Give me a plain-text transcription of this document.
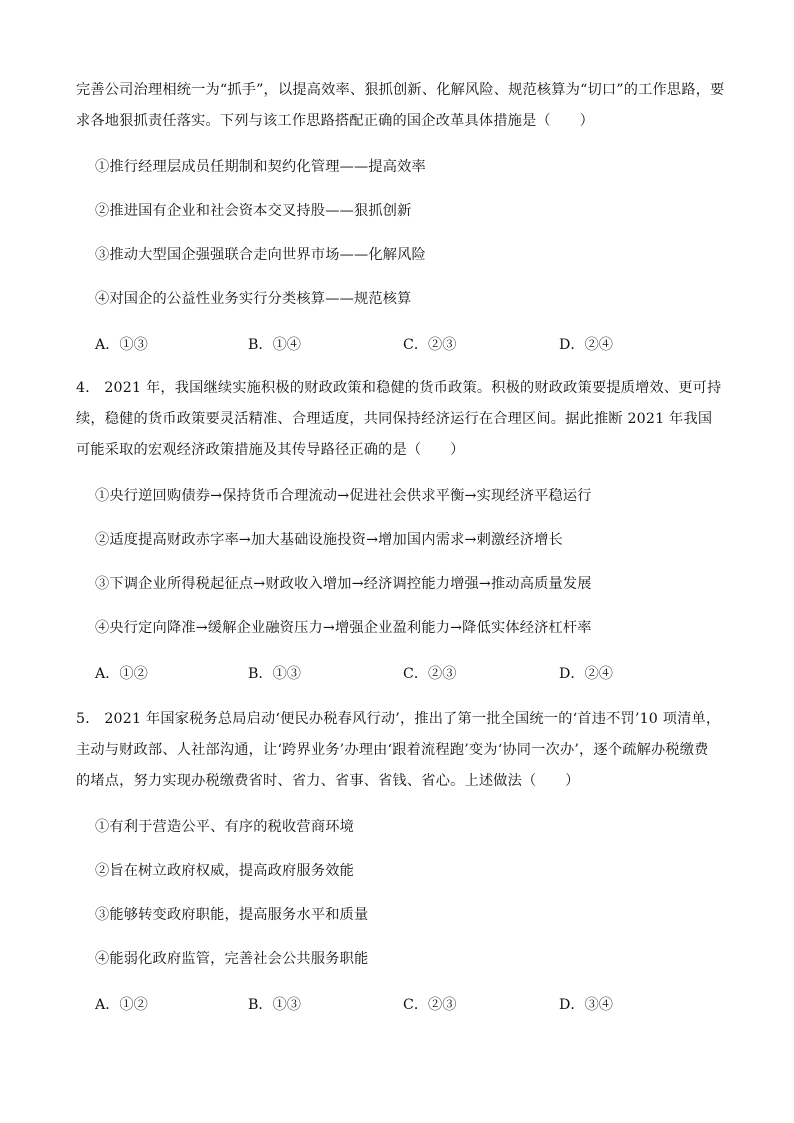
完善公司治理相统一为“抓手”，以提高效率、狠抓创新、化解风险、规范核算为“切口”的工作思路，要
求各地狠抓责任落实。下列与该工作思路搭配正确的国企改革具体措施是（　　）
①推行经理层成员任期制和契约化管理——提高效率
②推进国有企业和社会资本交叉持股——狠抓创新
③推动大型国企强强联合走向世界市场——化解风险
④对国企的公益性业务实行分类核算——规范核算
A．①③	B．①④	C．②③	D．②④
4． 2021 年，我国继续实施积极的财政政策和稳健的货币政策。积极的财政政策要提质增效、更可持
续，稳健的货币政策要灵活精准、合理适度，共同保持经济运行在合理区间。据此推断 2021 年我国
可能采取的宏观经济政策措施及其传导路径正确的是（　　）
①央行逆回购债券→保持货币合理流动→促进社会供求平衡→实现经济平稳运行
②适度提高财政赤字率→加大基础设施投资→增加国内需求→刺激经济增长
③下调企业所得税起征点→财政收入增加→经济调控能力增强→推动高质量发展
④央行定向降准→缓解企业融资压力→增强企业盈利能力→降低实体经济杠杆率
A．①②	B．①③	C．②③	D．②④
5． 2021 年国家税务总局启动‘便民办税春风行动’，推出了第一批全国统一的‘首违不罚’10 项清单，
主动与财政部、人社部沟通，让‘跨界业务’办理由‘跟着流程跑’变为‘协同一次办’，逐个疏解办税缴费
的堵点，努力实现办税缴费省时、省力、省事、省钱、省心。上述做法（　　）
①有利于营造公平、有序的税收营商环境
②旨在树立政府权威，提高政府服务效能
③能够转变政府职能，提高服务水平和质量
④能弱化政府监管，完善社会公共服务职能
A．①②	B．①③	C．②③	D．③④
